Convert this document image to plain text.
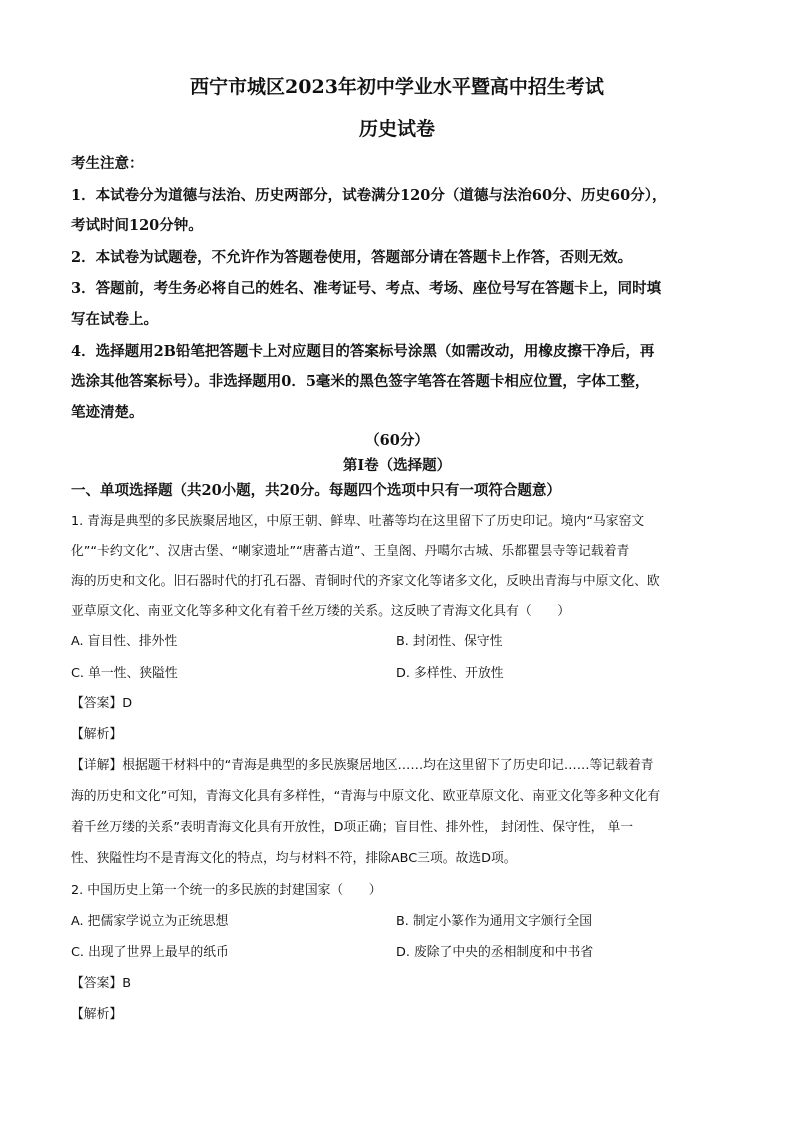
西宁市城区2023年初中学业水平暨高中招生考试
历史试卷
考生注意：
1．本试卷分为道德与法治、历史两部分，试卷满分120分（道德与法治60分、历史60分），
考试时间120分钟。
2．本试卷为试题卷，不允许作为答题卷使用，答题部分请在答题卡上作答，否则无效。
3．答题前，考生务必将自己的姓名、准考证号、考点、考场、座位号写在答题卡上，同时填
写在试卷上。
4．选择题用2B铅笔把答题卡上对应题目的答案标号涂黑（如需改动，用橡皮擦干净后，再
选涂其他答案标号）。非选择题用0．5毫米的黑色签字笔答在答题卡相应位置，字体工整，
笔迹清楚。
（60分）
第Ⅰ卷（选择题）
一、单项选择题（共20小题，共20分。每题四个选项中只有一项符合题意）
1. 青海是典型的多民族聚居地区，中原王朝、鲜卑、吐蕃等均在这里留下了历史印记。境内“马家窑文
化”“卡约文化”、汉唐古堡、“喇家遗址”“唐蕃古道”、王皇阁、丹噶尔古城、乐都瞿昙寺等记载着青
海的历史和文化。旧石器时代的打孔石器、青铜时代的齐家文化等诸多文化，反映出青海与中原文化、欧
亚草原文化、南亚文化等多种文化有着千丝万缕的关系。这反映了青海文化具有（　　）
A. 盲目性、排外性	B. 封闭性、保守性
C. 单一性、狭隘性	D. 多样性、开放性
【答案】D
【解析】
【详解】根据题干材料中的“青海是典型的多民族聚居地区……均在这里留下了历史印记……等记载着青
海的历史和文化”可知，青海文化具有多样性，“青海与中原文化、欧亚草原文化、南亚文化等多种文化有
着千丝万缕的关系”表明青海文化具有开放性，D项正确；盲目性、排外性， 封闭性、保守性， 单一
性、狭隘性均不是青海文化的特点，均与材料不符，排除ABC三项。故选D项。
2. 中国历史上第一个统一的多民族的封建国家（　　）
A. 把儒家学说立为正统思想	B. 制定小篆作为通用文字颁行全国
C. 出现了世界上最早的纸币	D. 废除了中央的丞相制度和中书省
【答案】B
【解析】
